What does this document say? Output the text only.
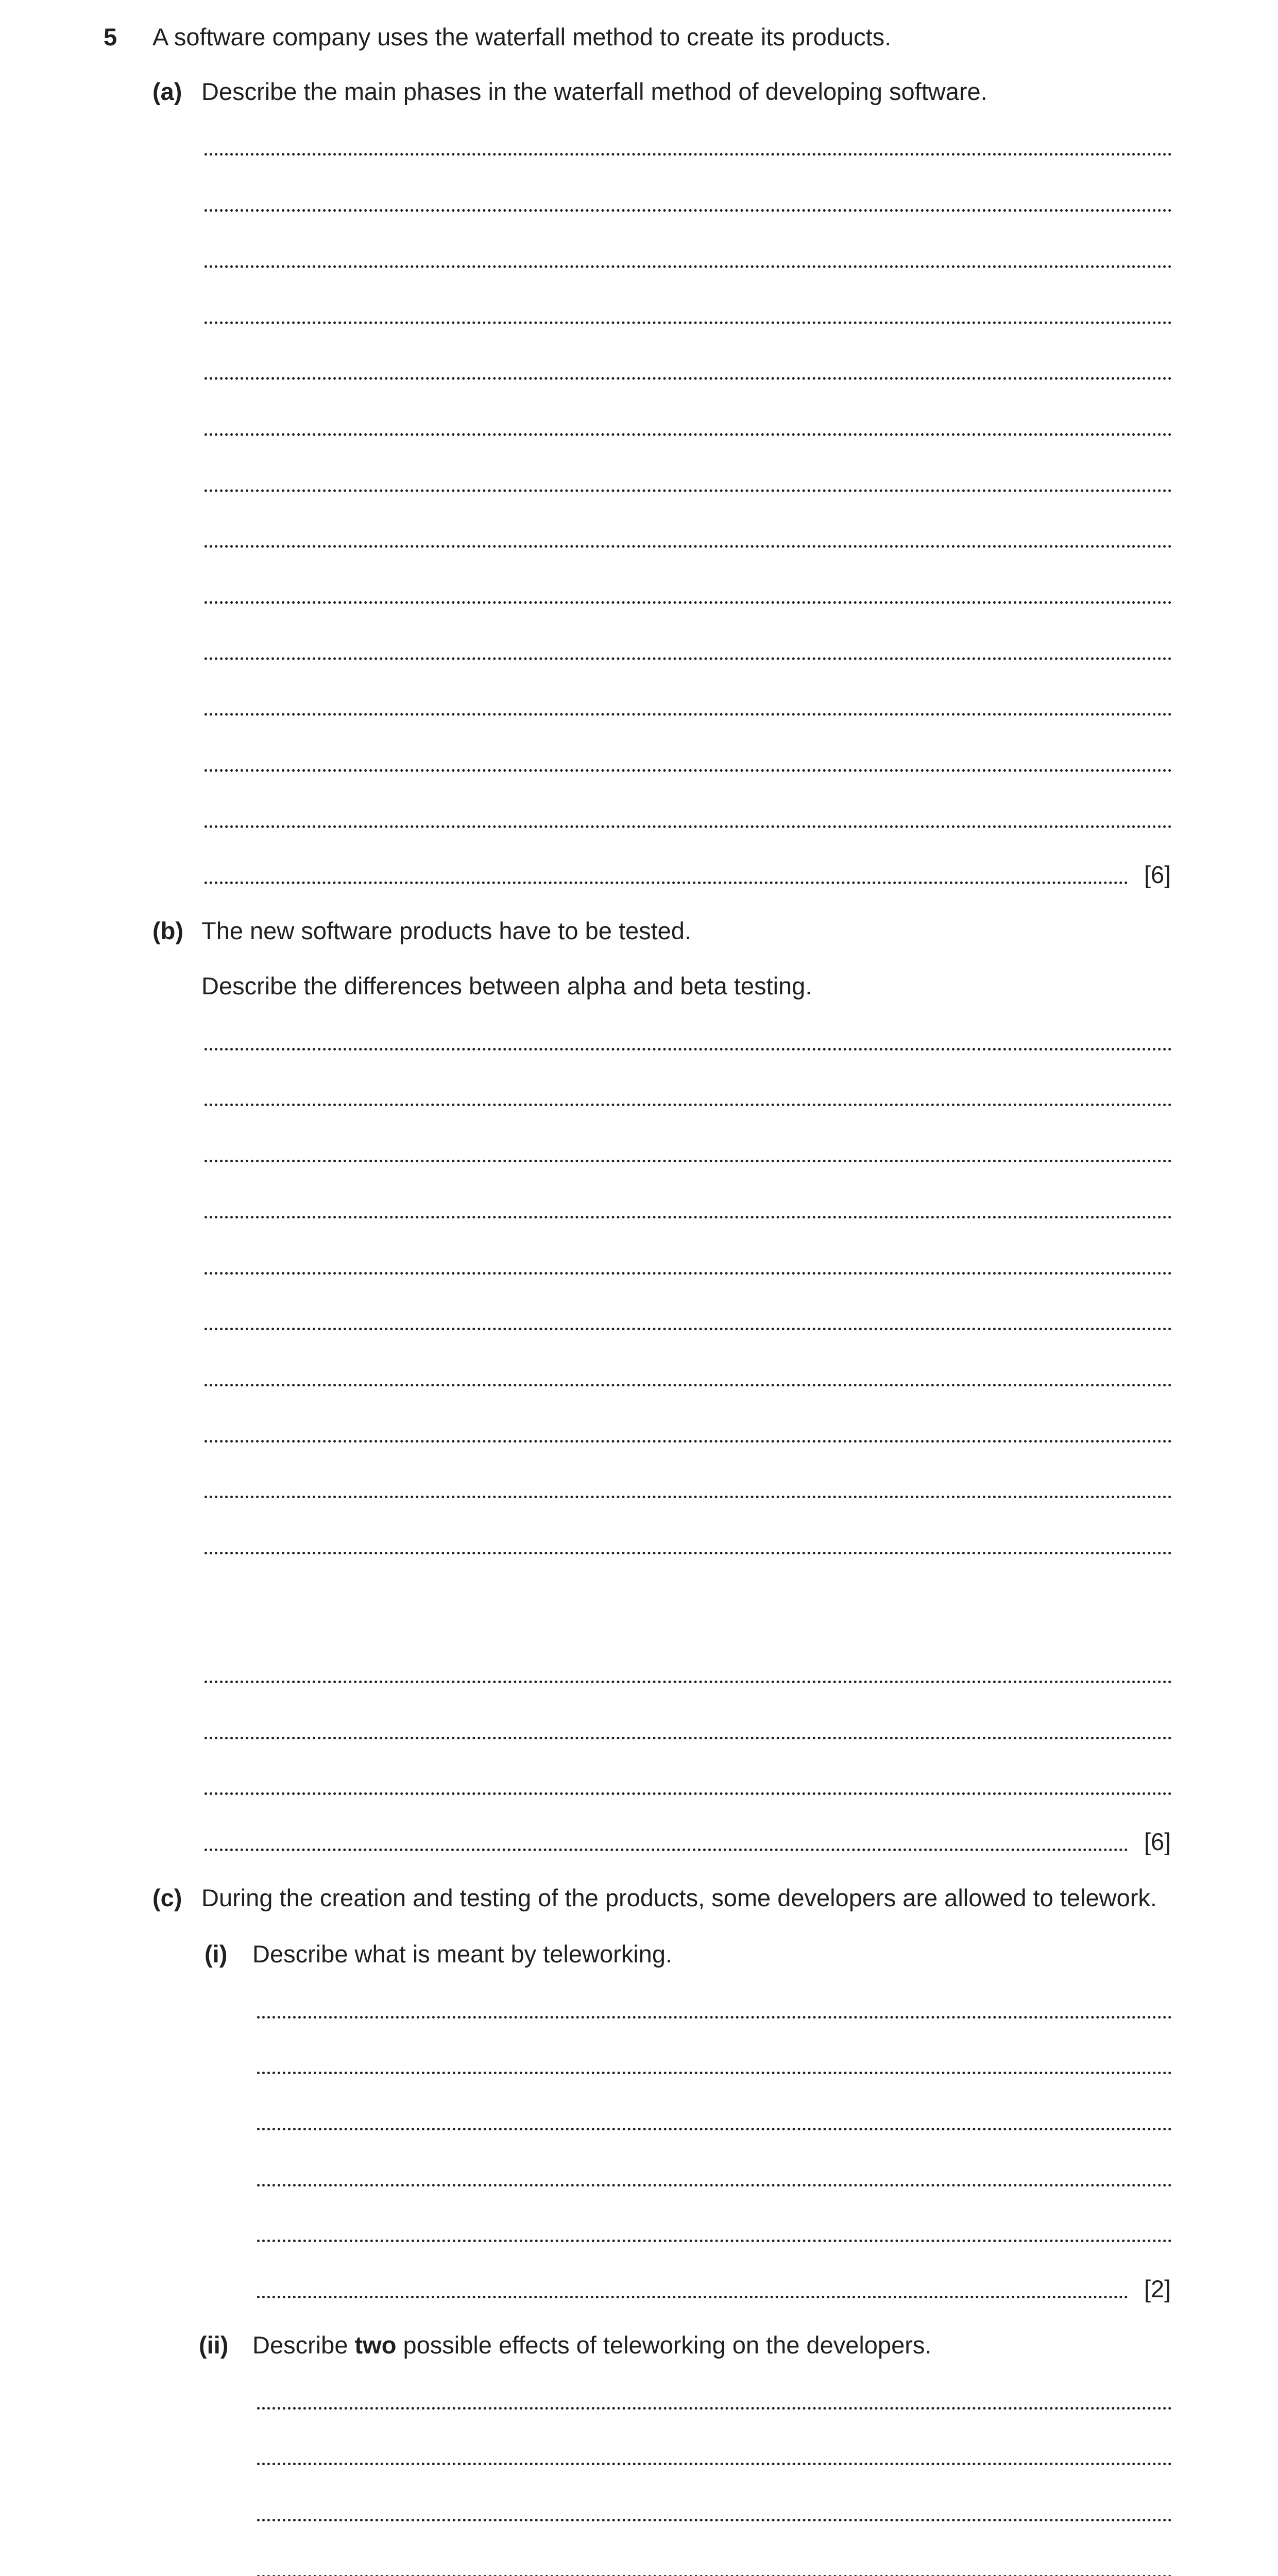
5 A software company uses the waterfall method to create its products.
(a) Describe the main phases in the waterfall method of developing software.
[6]
(b) The new software products have to be tested.
Describe the differences between alpha and beta testing.
[6]
(c) During the creation and testing of the products, some developers are allowed to telework.
(i) Describe what is meant by teleworking.
[2]
(ii) Describe two possible effects of teleworking on the developers.
